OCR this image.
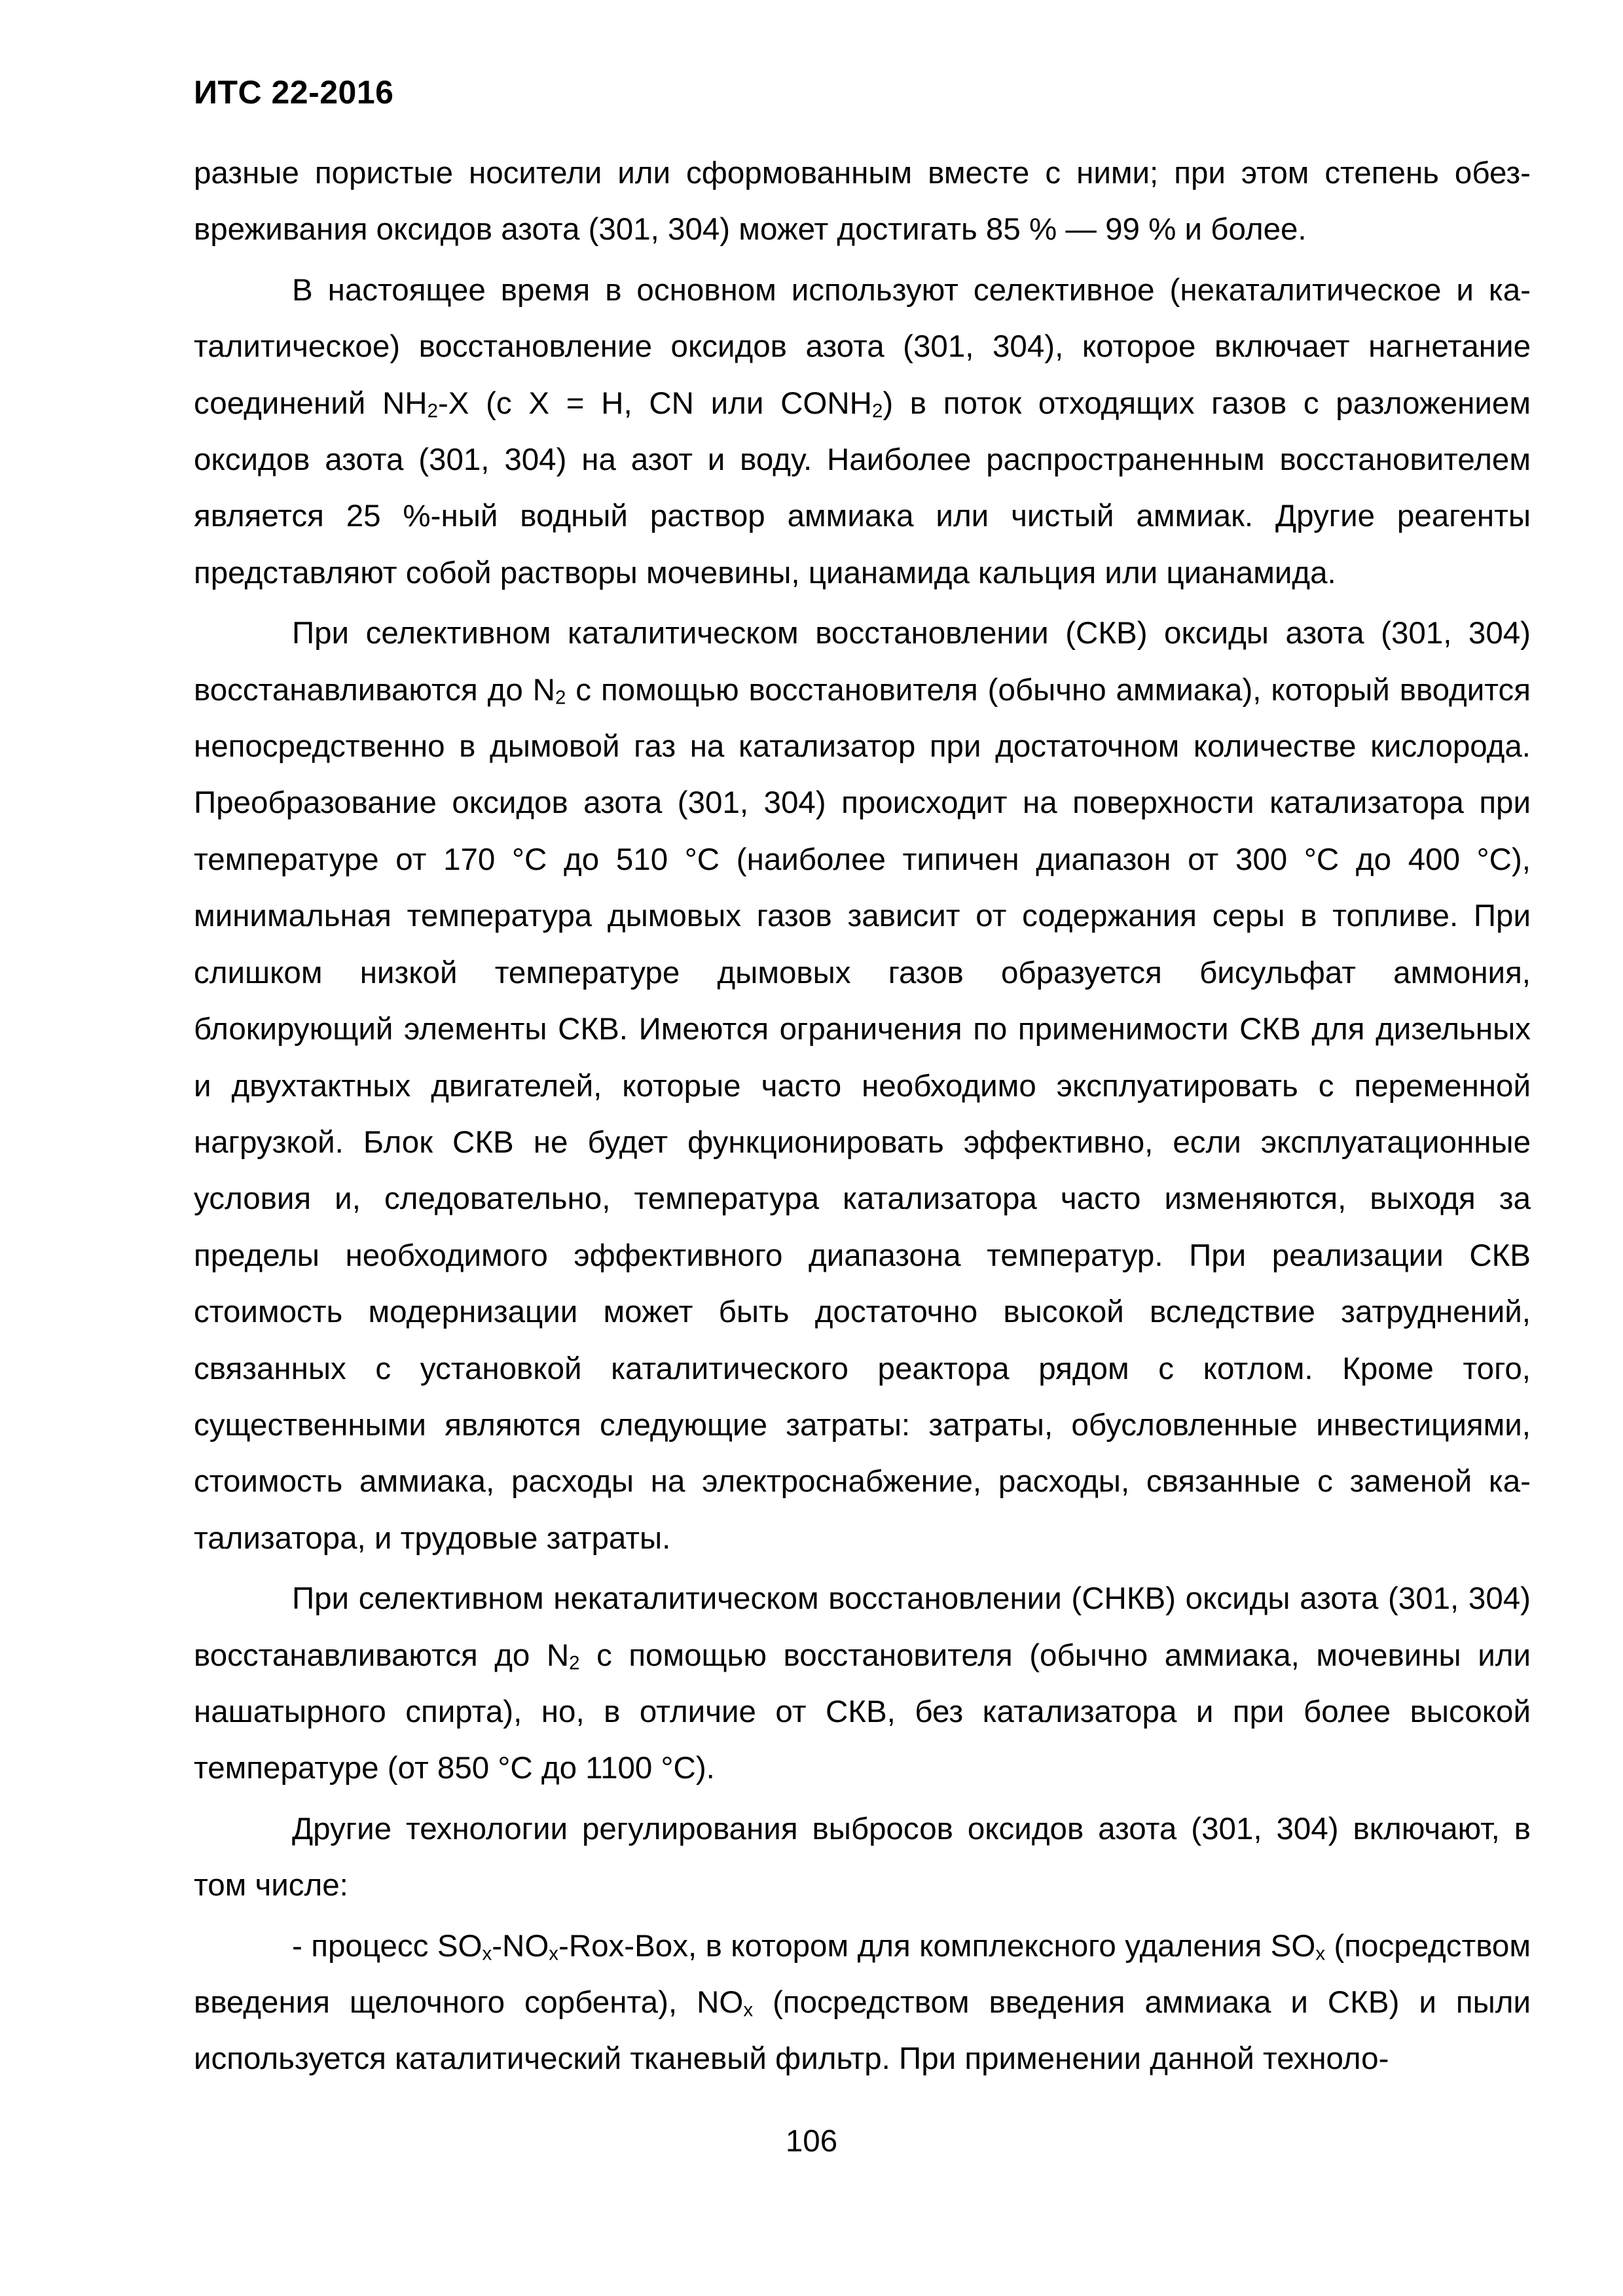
ИТС 22-2016

разные пористые носители или сформованным вместе с ними; при этом степень обезвреживания оксидов азота (301, 304) может достигать 85 % — 99 % и более.

В настоящее время в основном используют селективное (некаталитическое и каталитическое) восстановление оксидов азота (301, 304), которое включает нагнетание соединений $NH_2-X$ (с X = H, CN или $CONH_2$) в поток отходящих газов с разложением оксидов азота (301, 304) на азот и воду. Наиболее распространенным восстановителем является 25 %-ный водный раствор аммиака или чистый аммиак. Другие реагенты представляют собой растворы мочевины, цианамида кальция или цианамида.

При селективном каталитическом восстановлении (СКВ) оксиды азота (301, 304) восстанавливаются до $N_2$ с помощью восстановителя (обычно аммиака), который вводится непосредственно в дымовой газ на катализатор при достаточном количестве кислорода. Преобразование оксидов азота (301, 304) происходит на поверхности катализатора при температуре от 170 °С до 510 °С (наиболее типичен диапазон от 300 °С до 400 °С), минимальная температура дымовых газов зависит от содержания серы в топливе. При слишком низкой температуре дымовых газов образуется бисульфат аммония, блокирующий элементы СКВ. Имеются ограничения по применимости СКВ для дизельных и двухтактных двигателей, которые часто необходимо эксплуатировать с переменной нагрузкой. Блок СКВ не будет функционировать эффективно, если эксплуатационные условия и, следовательно, температура катализатора часто изменяются, выходя за пределы необходимого эффективного диапазона температур. При реализации СКВ стоимость модернизации может быть достаточно высокой вследствие затруднений, связанных с установкой каталитического реактора рядом с котлом. Кроме того, существенными являются следующие затраты: затраты, обусловленные инвестициями, стоимость аммиака, расходы на электроснабжение, расходы, связанные с заменой катализатора, и трудовые затраты.

При селективном некаталитическом восстановлении (СНКВ) оксиды азота (301, 304) восстанавливаются до $N_2$ с помощью восстановителя (обычно аммиака, мочевины или нашатырного спирта), но, в отличие от СКВ, без катализатора и при более высокой температуре (от 850 °С до 1100 °С).

Другие технологии регулирования выбросов оксидов азота (301, 304) включают, в том числе:

- процесс $SO_x-NO_x-Rox$-Box, в котором для комплексного удаления $SO_x$ (посредством введения щелочного сорбента), $NO_x$ (посредством введения аммиака и СКВ) и пыли используется каталитический тканевый фильтр. При применении данной техноло-

106
